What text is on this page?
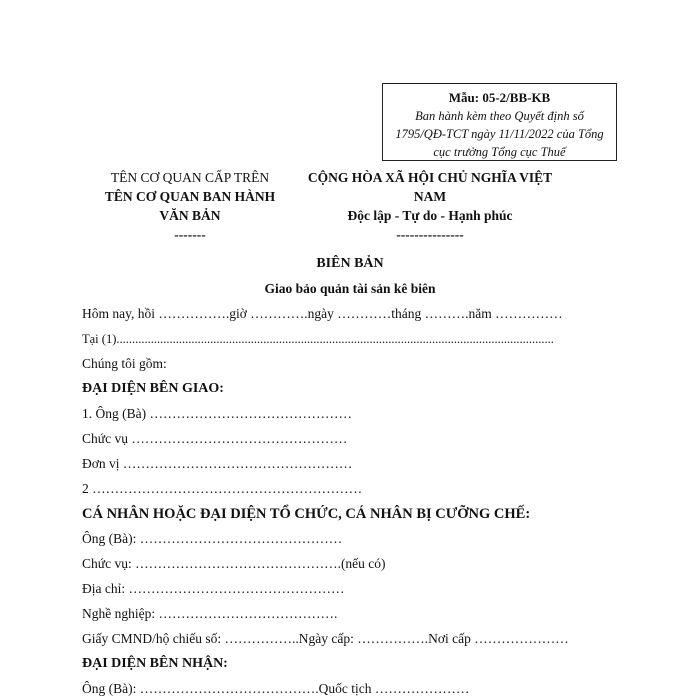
Mẫu: 05-2/BB-KB
Ban hành kèm theo Quyết định số
1795/QĐ-TCT ngày 11/11/2022 của Tổng
cục trưởng Tổng cục Thuế
TÊN CƠ QUAN CẤP TRÊN
TÊN CƠ QUAN BAN HÀNH
VĂN BẢN
-------
CỘNG HÒA XÃ HỘI CHỦ NGHĨA VIỆT NAM
Độc lập - Tự do - Hạnh phúc
---------------
BIÊN BẢN
Giao bảo quản tài sản kê biên
Hôm nay, hồi …………….giờ ………….ngày …………tháng ……….năm ……………
Tại (1)............................................................................................................................................
Chúng tôi gồm:
ĐẠI DIỆN BÊN GIAO:
1. Ông (Bà) ………………………………………
Chức vụ …………………………………………
Đơn vị ……………………………………………
2 ……………………………………………………
CÁ NHÂN HOẶC ĐẠI DIỆN TỔ CHỨC, CÁ NHÂN BỊ CƯỠNG CHẾ:
Ông (Bà): ………………………………………
Chức vụ: ……………………………………….(nếu có)
Địa chỉ: …………………………………………
Nghề nghiệp: ………………………………….
Giấy CMND/hộ chiếu số: ……………..Ngày cấp: …………….Nơi cấp …………………
ĐẠI DIỆN BÊN NHẬN:
Ông (Bà): ………………………………….Quốc tịch …………………
